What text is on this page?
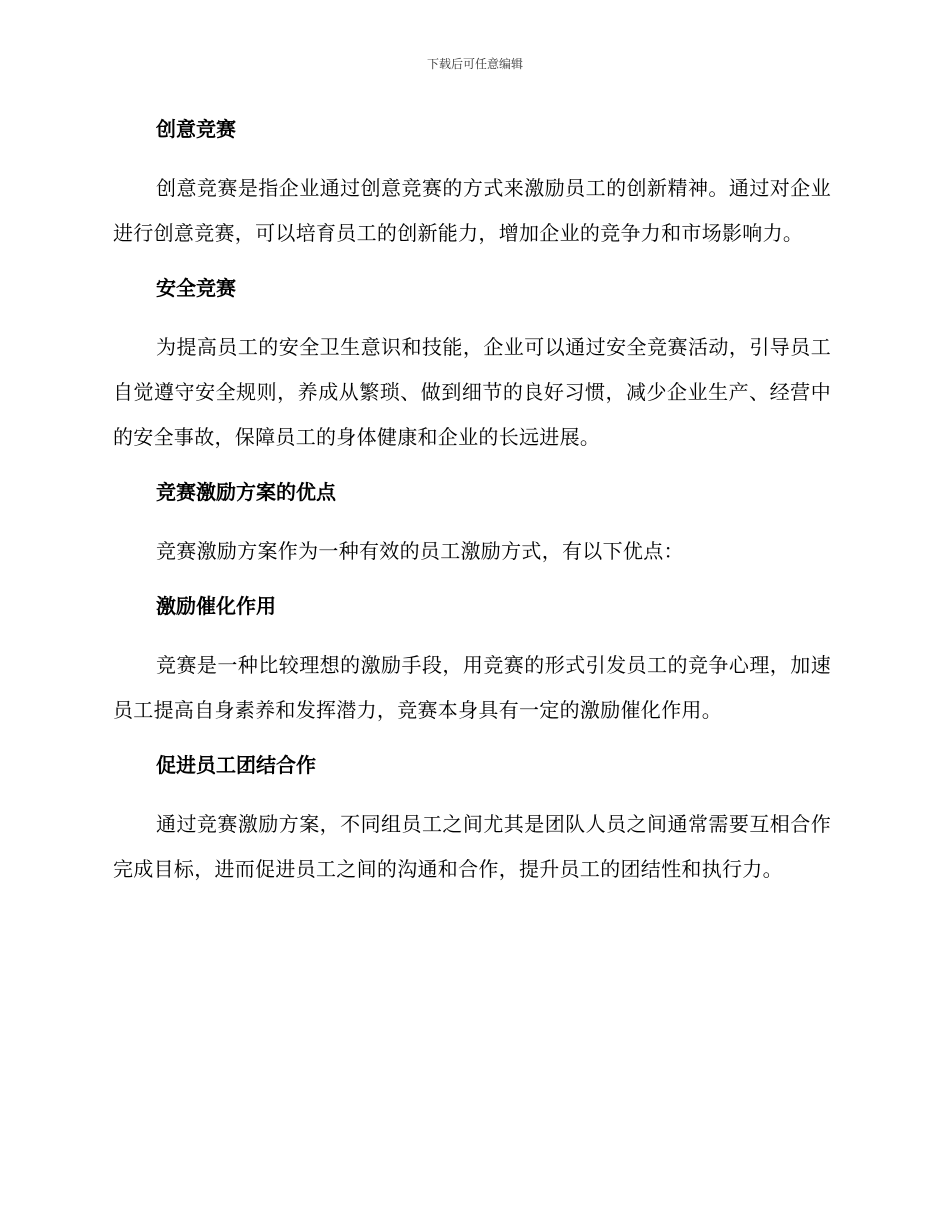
下载后可任意编辑
创意竞赛

创意竞赛是指企业通过创意竞赛的方式来激励员工的创新精神。通过对企业进行创意竞赛，可以培育员工的创新能力，增加企业的竞争力和市场影响力。

安全竞赛

为提高员工的安全卫生意识和技能，企业可以通过安全竞赛活动，引导员工自觉遵守安全规则，养成从繁琐、做到细节的良好习惯，减少企业生产、经营中的安全事故，保障员工的身体健康和企业的长远进展。

竞赛激励方案的优点

竞赛激励方案作为一种有效的员工激励方式，有以下优点：

激励催化作用

竞赛是一种比较理想的激励手段，用竞赛的形式引发员工的竞争心理，加速员工提高自身素养和发挥潜力，竞赛本身具有一定的激励催化作用。

促进员工团结合作

通过竞赛激励方案，不同组员工之间尤其是团队人员之间通常需要互相合作完成目标，进而促进员工之间的沟通和合作，提升员工的团结性和执行力。
